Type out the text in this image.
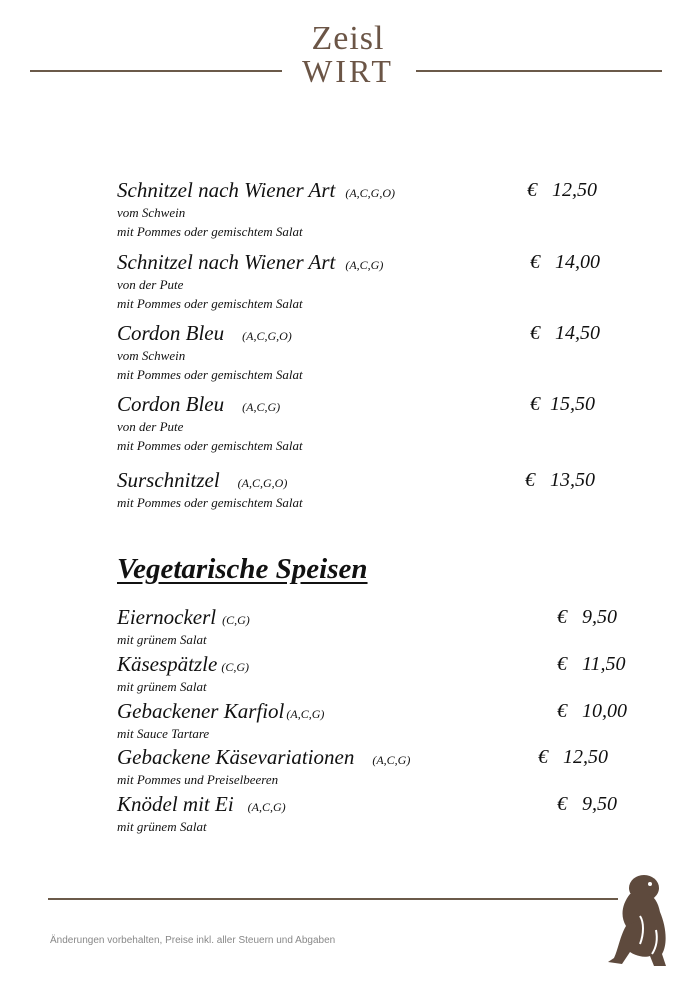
Zeisl
WIRT
Schnitzel nach Wiener Art (A,C,G,O)
vom Schwein
mit Pommes oder gemischtem Salat
€   12,50
Schnitzel nach Wiener Art (A,C,G)
von der Pute
mit Pommes oder gemischtem Salat
€   14,00
Cordon Bleu (A,C,G,O)
vom Schwein
mit Pommes oder gemischtem Salat
€   14,50
Cordon Bleu (A,C,G)
von der Pute
mit Pommes oder gemischtem Salat
€  15,50
Surschnitzel (A,C,G,O)
mit Pommes oder gemischtem Salat
€   13,50
Vegetarische Speisen
Eiernockerl (C,G)
mit grünem Salat
€   9,50
Käsespätzle (C,G)
mit grünem Salat
€   11,50
Gebackener Karfiol (A,C,G)
mit Sauce Tartare
€   10,00
Gebackene Käsevariationen (A,C,G)
mit Pommes und Preiselbeeren
€   12,50
Knödel mit Ei (A,C,G)
mit grünem Salat
€   9,50
Änderungen vorbehalten, Preise inkl. aller Steuern und Abgaben
